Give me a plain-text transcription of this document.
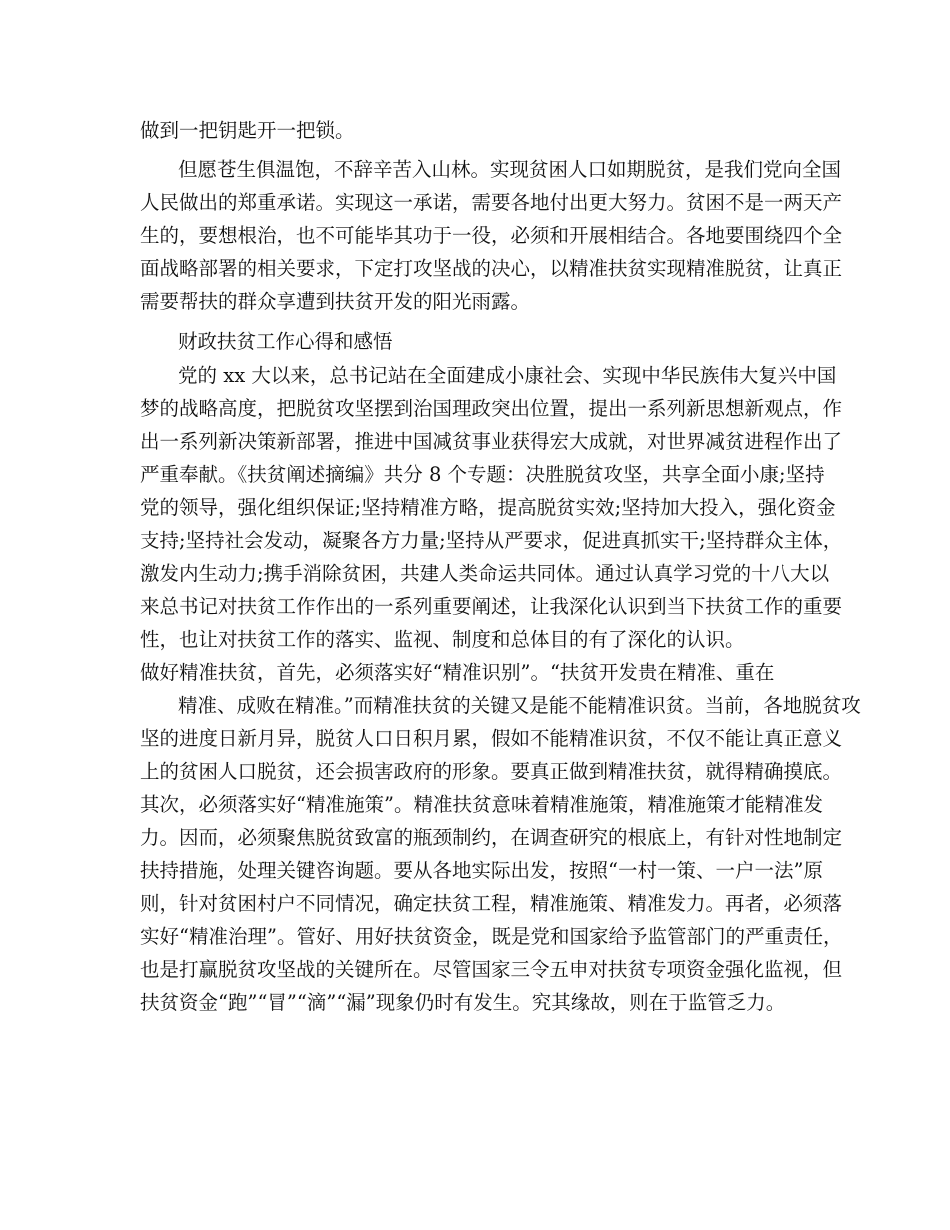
做到一把钥匙开一把锁。

但愿苍生俱温饱，不辞辛苦入山林。实现贫困人口如期脱贫，是我们党向全国

人民做出的郑重承诺。实现这一承诺，需要各地付出更大努力。贫困不是一两天产

生的，要想根治，也不可能毕其功于一役，必须和开展相结合。各地要围绕四个全

面战略部署的相关要求，下定打攻坚战的决心，以精准扶贫实现精准脱贫，让真正

需要帮扶的群众享遭到扶贫开发的阳光雨露。

财政扶贫工作心得和感悟

党的 xx 大以来，总书记站在全面建成小康社会、实现中华民族伟大复兴中国

梦的战略高度，把脱贫攻坚摆到治国理政突出位置，提出一系列新思想新观点，作

出一系列新决策新部署，推进中国减贫事业获得宏大成就，对世界减贫进程作出了

严重奉献。《扶贫阐述摘编》共分 8 个专题：决胜脱贫攻坚，共享全面小康;坚持

党的领导，强化组织保证;坚持精准方略，提高脱贫实效;坚持加大投入，强化资金

支持;坚持社会发动，凝聚各方力量;坚持从严要求，促进真抓实干;坚持群众主体，

激发内生动力;携手消除贫困，共建人类命运共同体。通过认真学习党的十八大以

来总书记对扶贫工作作出的一系列重要阐述，让我深化认识到当下扶贫工作的重要

性，也让对扶贫工作的落实、监视、制度和总体目的有了深化的认识。

做好精准扶贫，首先，必须落实好“精准识别”。“扶贫开发贵在精准、重在

精准、成败在精准。”而精准扶贫的关键又是能不能精准识贫。当前，各地脱贫攻

坚的进度日新月异，脱贫人口日积月累，假如不能精准识贫，不仅不能让真正意义

上的贫困人口脱贫，还会损害政府的形象。要真正做到精准扶贫，就得精确摸底。

其次，必须落实好“精准施策”。精准扶贫意味着精准施策，精准施策才能精准发

力。因而，必须聚焦脱贫致富的瓶颈制约，在调查研究的根底上，有针对性地制定

扶持措施，处理关键咨询题。要从各地实际出发，按照“一村一策、一户一法”原

则，针对贫困村户不同情况，确定扶贫工程，精准施策、精准发力。再者，必须落

实好“精准治理”。管好、用好扶贫资金，既是党和国家给予监管部门的严重责任，

也是打赢脱贫攻坚战的关键所在。尽管国家三令五申对扶贫专项资金强化监视，但

扶贫资金“跑”“冒”“滴”“漏”现象仍时有发生。究其缘故，则在于监管乏力。
